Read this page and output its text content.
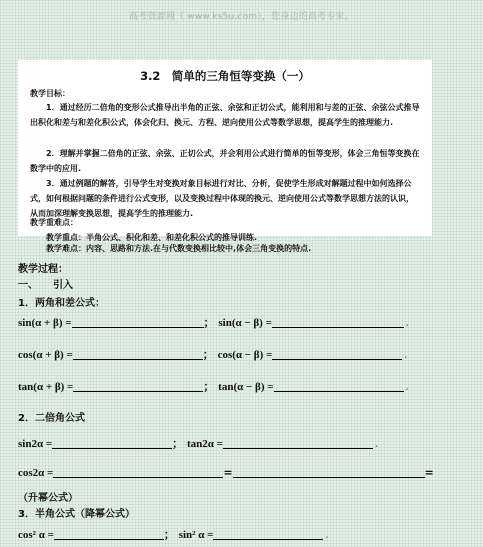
高考资源网（ www.ks5u.com），您身边的高考专家。
3.2　简单的三角恒等变换（一）
教学目标：
1．通过经历二倍角的变形公式推导出半角的正弦、余弦和正切公式，能利用和与差的正弦、余弦公式推导出积化和差与和差化积公式，体会化归、换元、方程、逆向使用公式等数学思想，提高学生的推理能力.
2．理解并掌握二倍角的正弦、余弦、正切公式，并会利用公式进行简单的恒等变形，体会三角恒等变换在数学中的应用.
3．通过例题的解答，引导学生对变换对象目标进行对比、分析，促使学生形成对解题过程中如何选择公式，如何根据问题的条件进行公式变形，以及变换过程中体现的换元、逆向使用公式等数学思想方法的认识，从而加深理解变换思想，提高学生的推理能力.
教学重难点：
教学重点：半角公式、积化和差、和差化积公式的推导训练.
教学难点：内容、思路和方法.在与代数变换相比较中,体会三角变换的特点.
教学过程：
一、　　引入
1．两角和差公式：
sin(α + β) =	； sin(α − β) =	.
cos(α + β) =	； cos(α − β) =	.
tan(α + β) =	； tan(α − β) =	.
2．二倍角公式
sin2α =	； tan2α =	.
cos2α =	=	=
（升幂公式）
3．半角公式（降幂公式）
cos² α =	； sin² α =	.
